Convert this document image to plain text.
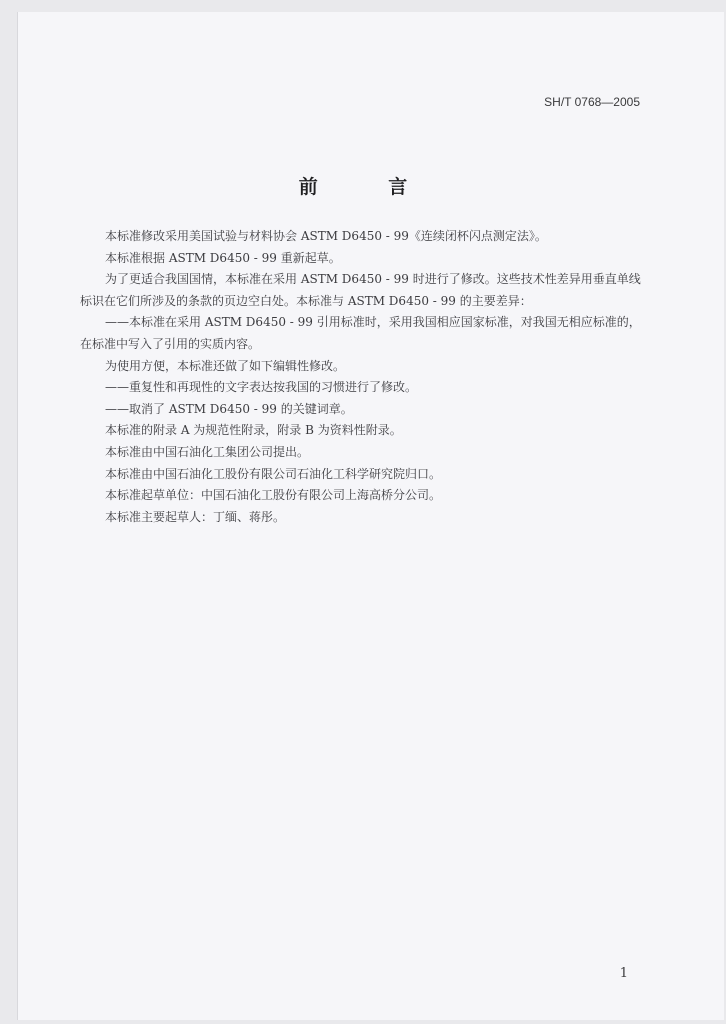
SH/T 0768—2005
前 言

本标准修改采用美国试验与材料协会 ASTM D6450 - 99《连续闭杯闪点测定法》。

本标准根据 ASTM D6450 - 99 重新起草。

为了更适合我国国情，本标准在采用 ASTM D6450 - 99 时进行了修改。这些技术性差异用垂直单线标识在它们所涉及的条款的页边空白处。本标准与 ASTM D6450 - 99 的主要差异：

——本标准在采用 ASTM D6450 - 99 引用标准时，采用我国相应国家标准，对我国无相应标准的，在标准中写入了引用的实质内容。

为使用方便，本标准还做了如下编辑性修改。

——重复性和再现性的文字表达按我国的习惯进行了修改。

——取消了 ASTM D6450 - 99 的关键词章。

本标准的附录 A 为规范性附录，附录 B 为资料性附录。

本标准由中国石油化工集团公司提出。

本标准由中国石油化工股份有限公司石油化工科学研究院归口。

本标准起草单位：中国石油化工股份有限公司上海高桥分公司。

本标准主要起草人：丁缅、蒋彤。

1
